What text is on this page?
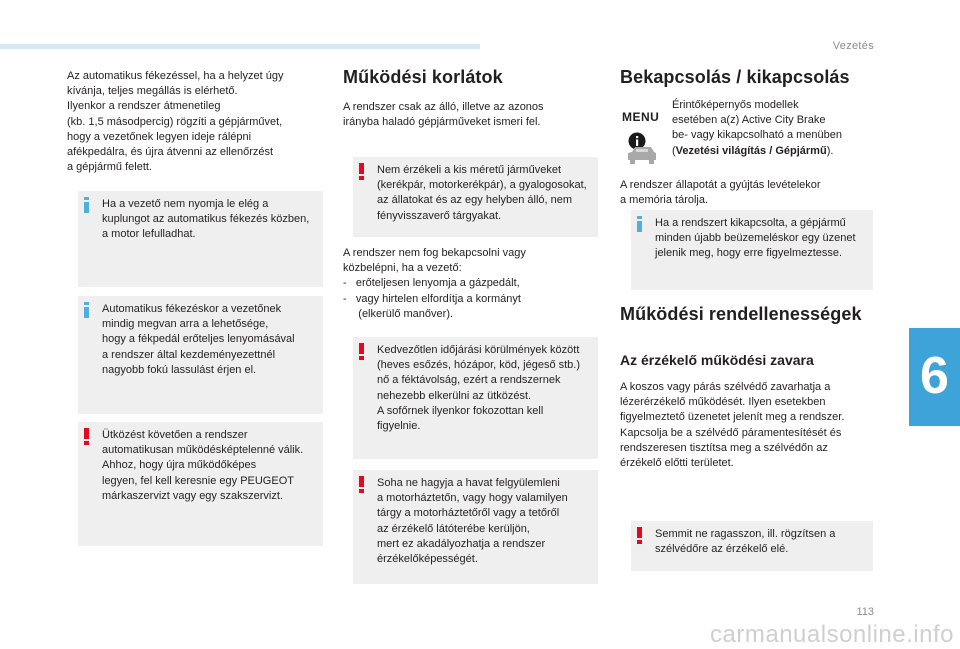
Vezetés
6

Az automatikus fékezéssel, ha a helyzet úgy
kívánja, teljes megállás is elérhető.
Ilyenkor a rendszer átmenetileg
(kb. 1,5 másodpercig) rögzíti a gépjárművet,
hogy a vezetőnek legyen ideje rálépni
afékpedálra, és újra átvenni az ellenőrzést
a gépjármű felett.

Ha a vezető nem nyomja le elég a
kuplungot az automatikus fékezés közben,
a motor lefulladhat.

Automatikus fékezéskor a vezetőnek
mindig megvan arra a lehetősége,
hogy a fékpedál erőteljes lenyomásával
a rendszer által kezdeményezettnél
nagyobb fokú lassulást érjen el.

Ütközést követően a rendszer
automatikusan működésképtelenné válik.
Ahhoz, hogy újra működőképes
legyen, fel kell keresnie egy PEUGEOT
márkaszervizt vagy egy szakszervizt.

Működési korlátok

A rendszer csak az álló, illetve az azonos
irányba haladó gépjárműveket ismeri fel.

Nem érzékeli a kis méretű járműveket
(kerékpár, motorkerékpár), a gyalogosokat,
az állatokat és az egy helyben álló, nem
fényvisszaverő tárgyakat.

A rendszer nem fog bekapcsolni vagy
közbelépni, ha a vezető:
-   erőteljesen lenyomja a gázpedált,
-   vagy hirtelen elfordítja a kormányt
(elkerülő manőver).

Kedvezőtlen időjárási körülmények között
(heves esőzés, hózápor, köd, jégeső stb.)
nő a féktávolság, ezért a rendszernek
nehezebb elkerülni az ütközést.
A sofőrnek ilyenkor fokozottan kell
figyelnie.

Soha ne hagyja a havat felgyülemleni
a motorháztetőn, vagy hogy valamilyen
tárgy a motorháztetőről vagy a tetőről
az érzékelő látóterébe kerüljön,
mert ez akadályozhatja a rendszer
érzékelőképességét.

Bekapcsolás / kikapcsolás
MENU

Érintőképernyős modellek
esetében a(z) Active City Brake
be- vagy kikapcsolható a menüben
(Vezetési világítás / Gépjármű).

A rendszer állapotát a gyújtás levételekor
a memória tárolja.

Ha a rendszert kikapcsolta, a gépjármű
minden újabb beüzemeléskor egy üzenet
jelenik meg, hogy erre figyelmeztesse.

Működési rendellenességek
Az érzékelő működési zavara

A koszos vagy párás szélvédő zavarhatja a
lézerérzékelő működését. Ilyen esetekben
figyelmeztető üzenetet jelenít meg a rendszer.
Kapcsolja be a szélvédő páramentesítését és
rendszeresen tisztítsa meg a szélvédőn az
érzékelő előtti területet.

Semmit ne ragasszon, ill. rögzítsen a
szélvédőre az érzékelő elé.

113
carmanualsonline.info
